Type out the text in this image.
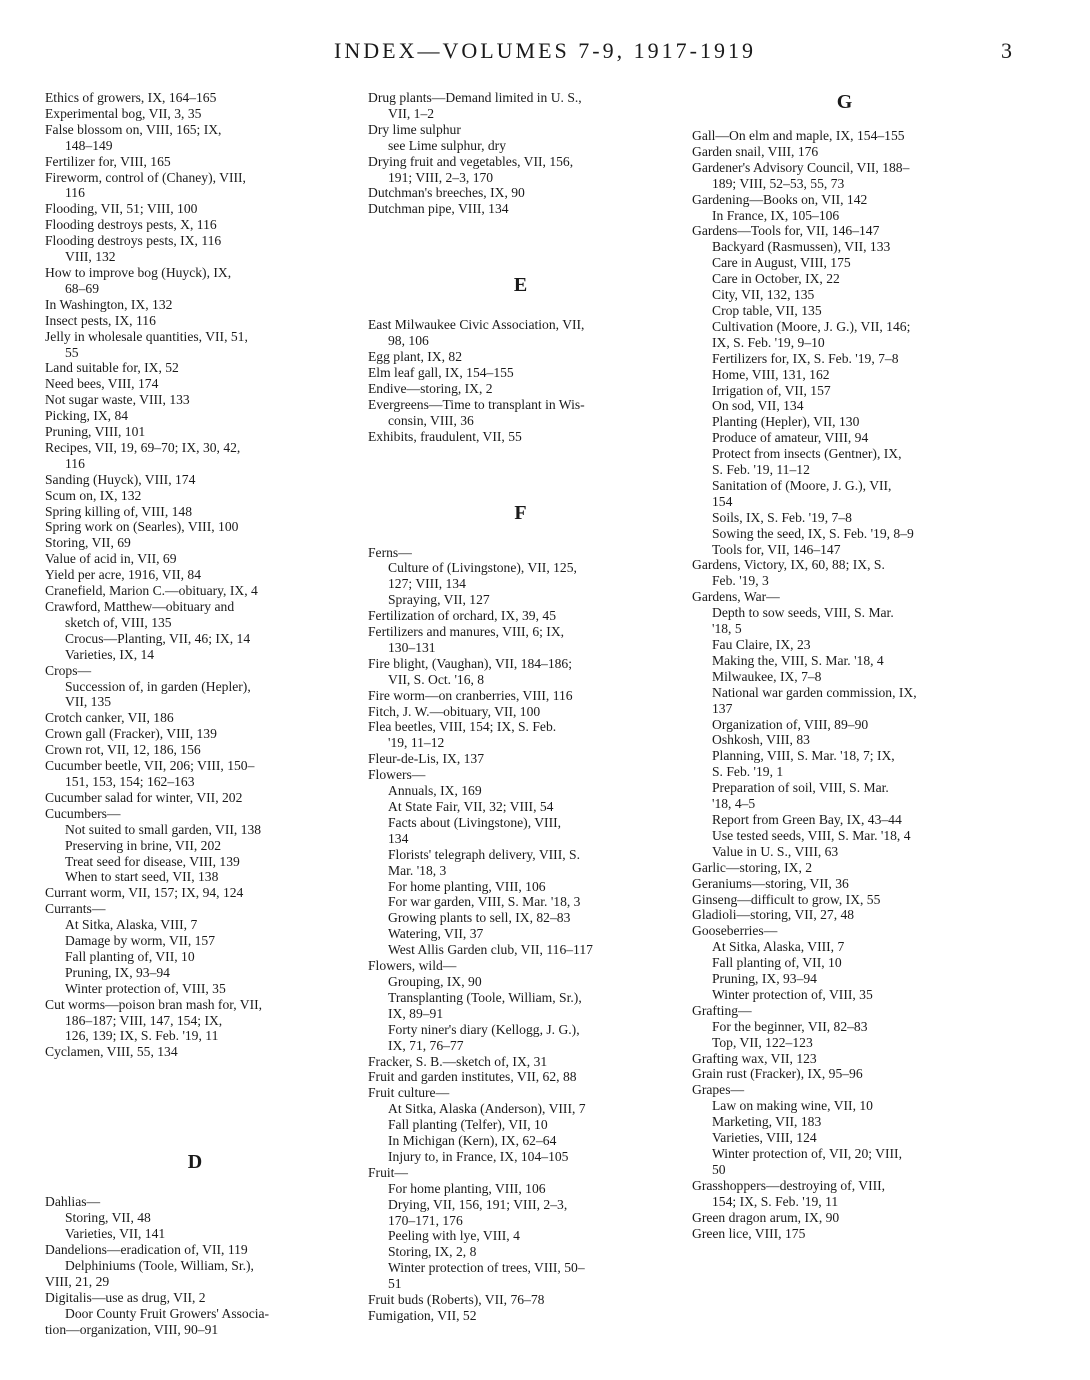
INDEX—VOLUMES 7-9, 1917-1919	3
Ethics of growers, IX, 164–165
Experimental bog, VII, 3, 35
False blossom on, VIII, 165; IX,
148–149
Fertilizer for, VIII, 165
Fireworm, control of (Chaney), VIII,
116
Flooding, VII, 51; VIII, 100
Flooding destroys pests, X, 116
Flooding destroys pests, IX, 116
VIII, 132
How to improve bog (Huyck), IX,
68–69
In Washington, IX, 132
Insect pests, IX, 116
Jelly in wholesale quantities, VII, 51,
55
Land suitable for, IX, 52
Need bees, VIII, 174
Not sugar waste, VIII, 133
Picking, IX, 84
Pruning, VIII, 101
Recipes, VII, 19, 69–70; IX, 30, 42,
116
Sanding (Huyck), VIII, 174
Scum on, IX, 132
Spring killing of, VIII, 148
Spring work on (Searles), VIII, 100
Storing, VII, 69
Value of acid in, VII, 69
Yield per acre, 1916, VII, 84
Cranefield, Marion C.—obituary, IX, 4
Crawford, Matthew—obituary and
sketch of, VIII, 135
Crocus—Planting, VII, 46; IX, 14
Varieties, IX, 14
Crops—
Succession of, in garden (Hepler),
VII, 135
Crotch canker, VII, 186
Crown gall (Fracker), VIII, 139
Crown rot, VII, 12, 186, 156
Cucumber beetle, VII, 206; VIII, 150–
151, 153, 154; 162–163
Cucumber salad for winter, VII, 202
Cucumbers—
Not suited to small garden, VII, 138
Preserving in brine, VII, 202
Treat seed for disease, VIII, 139
When to start seed, VII, 138
Currant worm, VII, 157; IX, 94, 124
Currants—
At Sitka, Alaska, VIII, 7
Damage by worm, VII, 157
Fall planting of, VII, 10
Pruning, IX, 93–94
Winter protection of, VIII, 35
Cut worms—poison bran mash for, VII,
186–187; VIII, 147, 154; IX,
126, 139; IX, S. Feb. '19, 11
Cyclamen, VIII, 55, 134
D
Dahlias—
Storing, VII, 48
Varieties, VII, 141
Dandelions—eradication of, VII, 119
Delphiniums (Toole, William, Sr.),
VIII, 21, 29
Digitalis—use as drug, VII, 2
Door County Fruit Growers' Associa-
tion—organization, VIII, 90–91
Drug plants—Demand limited in U. S.,
VII, 1–2
Dry lime sulphur
see Lime sulphur, dry
Drying fruit and vegetables, VII, 156,
191; VIII, 2–3, 170
Dutchman's breeches, IX, 90
Dutchman pipe, VIII, 134
E
East Milwaukee Civic Association, VII,
98, 106
Egg plant, IX, 82
Elm leaf gall, IX, 154–155
Endive—storing, IX, 2
Evergreens—Time to transplant in Wis-
consin, VIII, 36
Exhibits, fraudulent, VII, 55
F
Ferns—
Culture of (Livingstone), VII, 125,
127; VIII, 134
Spraying, VII, 127
Fertilization of orchard, IX, 39, 45
Fertilizers and manures, VIII, 6; IX,
130–131
Fire blight, (Vaughan), VII, 184–186;
VII, S. Oct. '16, 8
Fire worm—on cranberries, VIII, 116
Fitch, J. W.—obituary, VII, 100
Flea beetles, VIII, 154; IX, S. Feb.
'19, 11–12
Fleur-de-Lis, IX, 137
Flowers—
Annuals, IX, 169
At State Fair, VII, 32; VIII, 54
Facts about (Livingstone), VIII,
134
Florists' telegraph delivery, VIII, S.
Mar. '18, 3
For home planting, VIII, 106
For war garden, VIII, S. Mar. '18, 3
Growing plants to sell, IX, 82–83
Watering, VII, 37
West Allis Garden club, VII, 116–117
Flowers, wild—
Grouping, IX, 90
Transplanting (Toole, William, Sr.),
IX, 89–91
Forty niner's diary (Kellogg, J. G.),
IX, 71, 76–77
Fracker, S. B.—sketch of, IX, 31
Fruit and garden institutes, VII, 62, 88
Fruit culture—
At Sitka, Alaska (Anderson), VIII, 7
Fall planting (Telfer), VII, 10
In Michigan (Kern), IX, 62–64
Injury to, in France, IX, 104–105
Fruit—
For home planting, VIII, 106
Drying, VII, 156, 191; VIII, 2–3,
170–171, 176
Peeling with lye, VIII, 4
Storing, IX, 2, 8
Winter protection of trees, VIII, 50–
51
Fruit buds (Roberts), VII, 76–78
Fumigation, VII, 52
G
Gall—On elm and maple, IX, 154–155
Garden snail, VIII, 176
Gardener's Advisory Council, VII, 188–
189; VIII, 52–53, 55, 73
Gardening—Books on, VII, 142
In France, IX, 105–106
Gardens—Tools for, VII, 146–147
Backyard (Rasmussen), VII, 133
Care in August, VIII, 175
Care in October, IX, 22
City, VII, 132, 135
Crop table, VII, 135
Cultivation (Moore, J. G.), VII, 146;
IX, S. Feb. '19, 9–10
Fertilizers for, IX, S. Feb. '19, 7–8
Home, VIII, 131, 162
Irrigation of, VII, 157
On sod, VII, 134
Planting (Hepler), VII, 130
Produce of amateur, VIII, 94
Protect from insects (Gentner), IX,
S. Feb. '19, 11–12
Sanitation of (Moore, J. G.), VII,
154
Soils, IX, S. Feb. '19, 7–8
Sowing the seed, IX, S. Feb. '19, 8–9
Tools for, VII, 146–147
Gardens, Victory, IX, 60, 88; IX, S.
Feb. '19, 3
Gardens, War—
Depth to sow seeds, VIII, S. Mar.
'18, 5
Fau Claire, IX, 23
Making the, VIII, S. Mar. '18, 4
Milwaukee, IX, 7–8
National war garden commission, IX,
137
Organization of, VIII, 89–90
Oshkosh, VIII, 83
Planning, VIII, S. Mar. '18, 7; IX,
S. Feb. '19, 1
Preparation of soil, VIII, S. Mar.
'18, 4–5
Report from Green Bay, IX, 43–44
Use tested seeds, VIII, S. Mar. '18, 4
Value in U. S., VIII, 63
Garlic—storing, IX, 2
Geraniums—storing, VII, 36
Ginseng—difficult to grow, IX, 55
Gladioli—storing, VII, 27, 48
Gooseberries—
At Sitka, Alaska, VIII, 7
Fall planting of, VII, 10
Pruning, IX, 93–94
Winter protection of, VIII, 35
Grafting—
For the beginner, VII, 82–83
Top, VII, 122–123
Grafting wax, VII, 123
Grain rust (Fracker), IX, 95–96
Grapes—
Law on making wine, VII, 10
Marketing, VII, 183
Varieties, VIII, 124
Winter protection of, VII, 20; VIII,
50
Grasshoppers—destroying of, VIII,
154; IX, S. Feb. '19, 11
Green dragon arum, IX, 90
Green lice, VIII, 175
